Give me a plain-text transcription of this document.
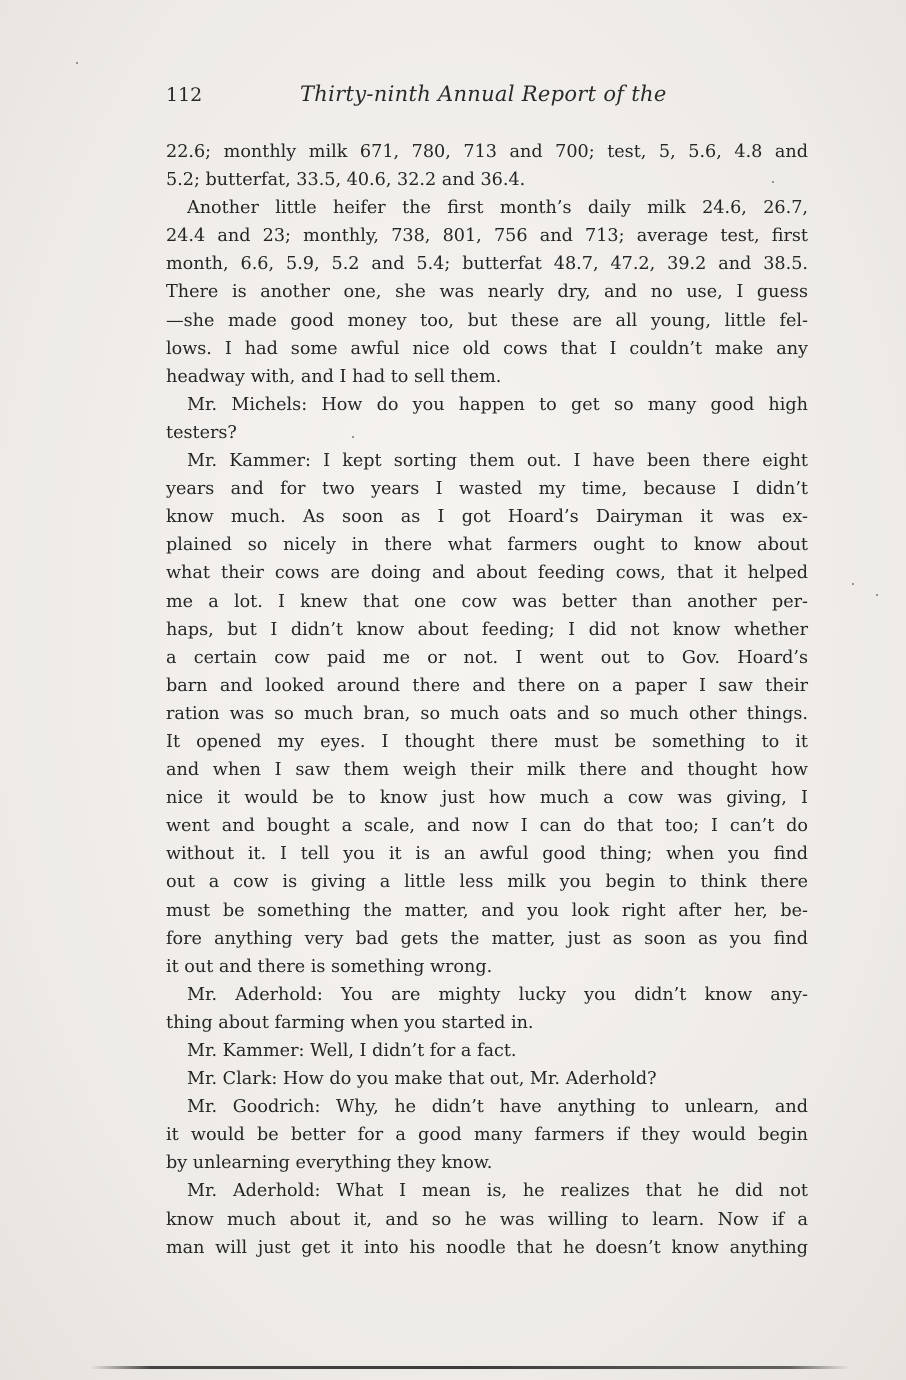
112	Thirty-ninth Annual Report of the

22.6; monthly milk 671, 780, 713 and 700; test, 5, 5.6, 4.8 and
5.2; butterfat, 33.5, 40.6, 32.2 and 36.4.

Another little heifer the first month’s daily milk 24.6, 26.7,
24.4 and 23; monthly, 738, 801, 756 and 713; average test, first
month, 6.6, 5.9, 5.2 and 5.4; butterfat 48.7, 47.2, 39.2 and 38.5.
There is another one, she was nearly dry, and no use, I guess
—she made good money too, but these are all young, little fel-
lows. I had some awful nice old cows that I couldn’t make any
headway with, and I had to sell them.

Mr. Michels: How do you happen to get so many good high
testers?

Mr. Kammer: I kept sorting them out. I have been there eight
years and for two years I wasted my time, because I didn’t
know much. As soon as I got Hoard’s Dairyman it was ex-
plained so nicely in there what farmers ought to know about
what their cows are doing and about feeding cows, that it helped
me a lot. I knew that one cow was better than another per-
haps, but I didn’t know about feeding; I did not know whether
a certain cow paid me or not. I went out to Gov. Hoard’s
barn and looked around there and there on a paper I saw their
ration was so much bran, so much oats and so much other things.
It opened my eyes. I thought there must be something to it
and when I saw them weigh their milk there and thought how
nice it would be to know just how much a cow was giving, I
went and bought a scale, and now I can do that too; I can’t do
without it. I tell you it is an awful good thing; when you find
out a cow is giving a little less milk you begin to think there
must be something the matter, and you look right after her, be-
fore anything very bad gets the matter, just as soon as you find
it out and there is something wrong.

Mr. Aderhold: You are mighty lucky you didn’t know any-
thing about farming when you started in.

Mr. Kammer: Well, I didn’t for a fact.

Mr. Clark: How do you make that out, Mr. Aderhold?

Mr. Goodrich: Why, he didn’t have anything to unlearn, and
it would be better for a good many farmers if they would begin
by unlearning everything they know.

Mr. Aderhold: What I mean is, he realizes that he did not
know much about it, and so he was willing to learn. Now if a
man will just get it into his noodle that he doesn’t know anything
